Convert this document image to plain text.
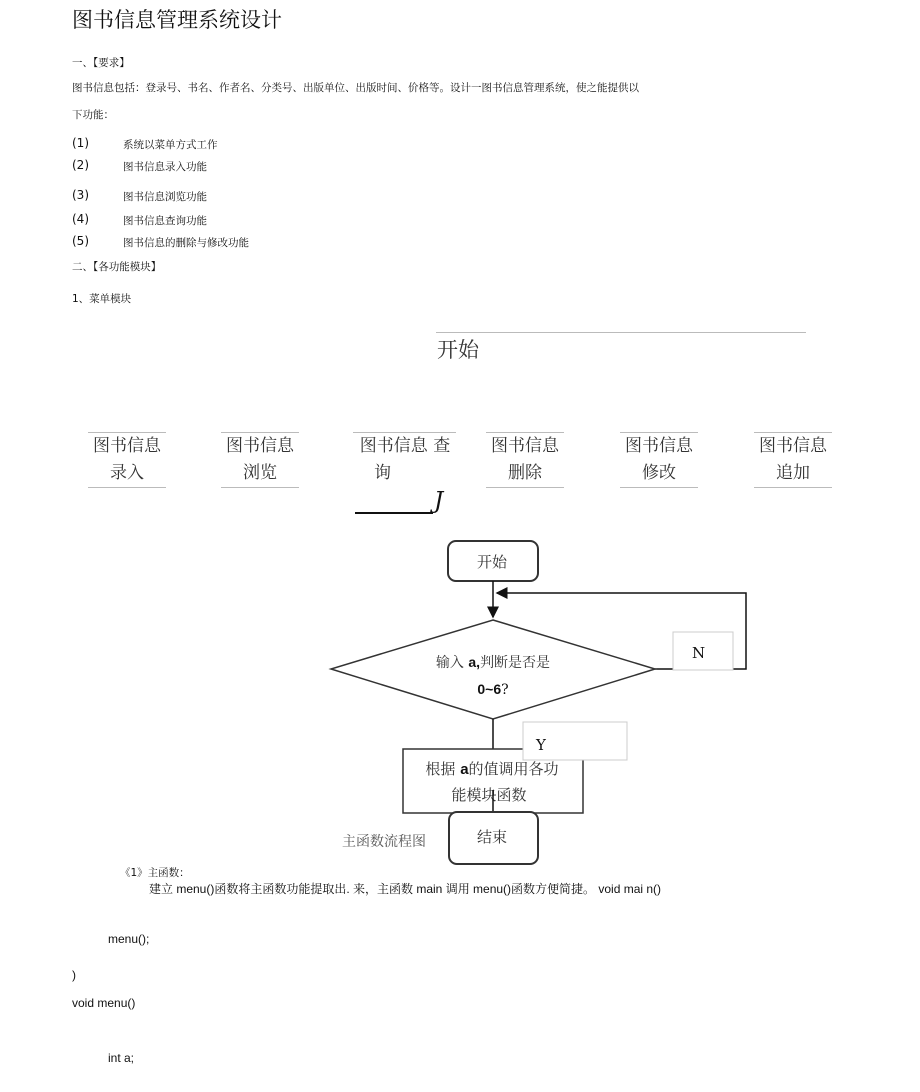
图书信息管理系统设计
一、【要求】
图书信息包括：登录号、书名、作者名、分类号、出版单位、出版时间、价格等。设计一图书信息管理系统，使之能提供以
下功能：
(1)	系统以菜单方式工作
(2)	图书信息录入功能
(3)	图书信息浏览功能
(4)	图书信息查询功能
(5)	图书信息的删除与修改功能
二、【各功能模块】
1、菜单模块
开始
图书信息
录入
图书信息
浏览
图书信息 查
询
J
图书信息
删除
图书信息
修改
图书信息
追加
开始
N
输入 a,判断是否是
0~6?
Y
根据 a的值调用各功
能模块函数
结束
主函数流程图
《1》主函数：
建立 menu()函数将主函数功能提取出. 来，主函数 main 调用 menu()函数方便简捷。 void mai n()
menu();
)
void menu()
int a;
